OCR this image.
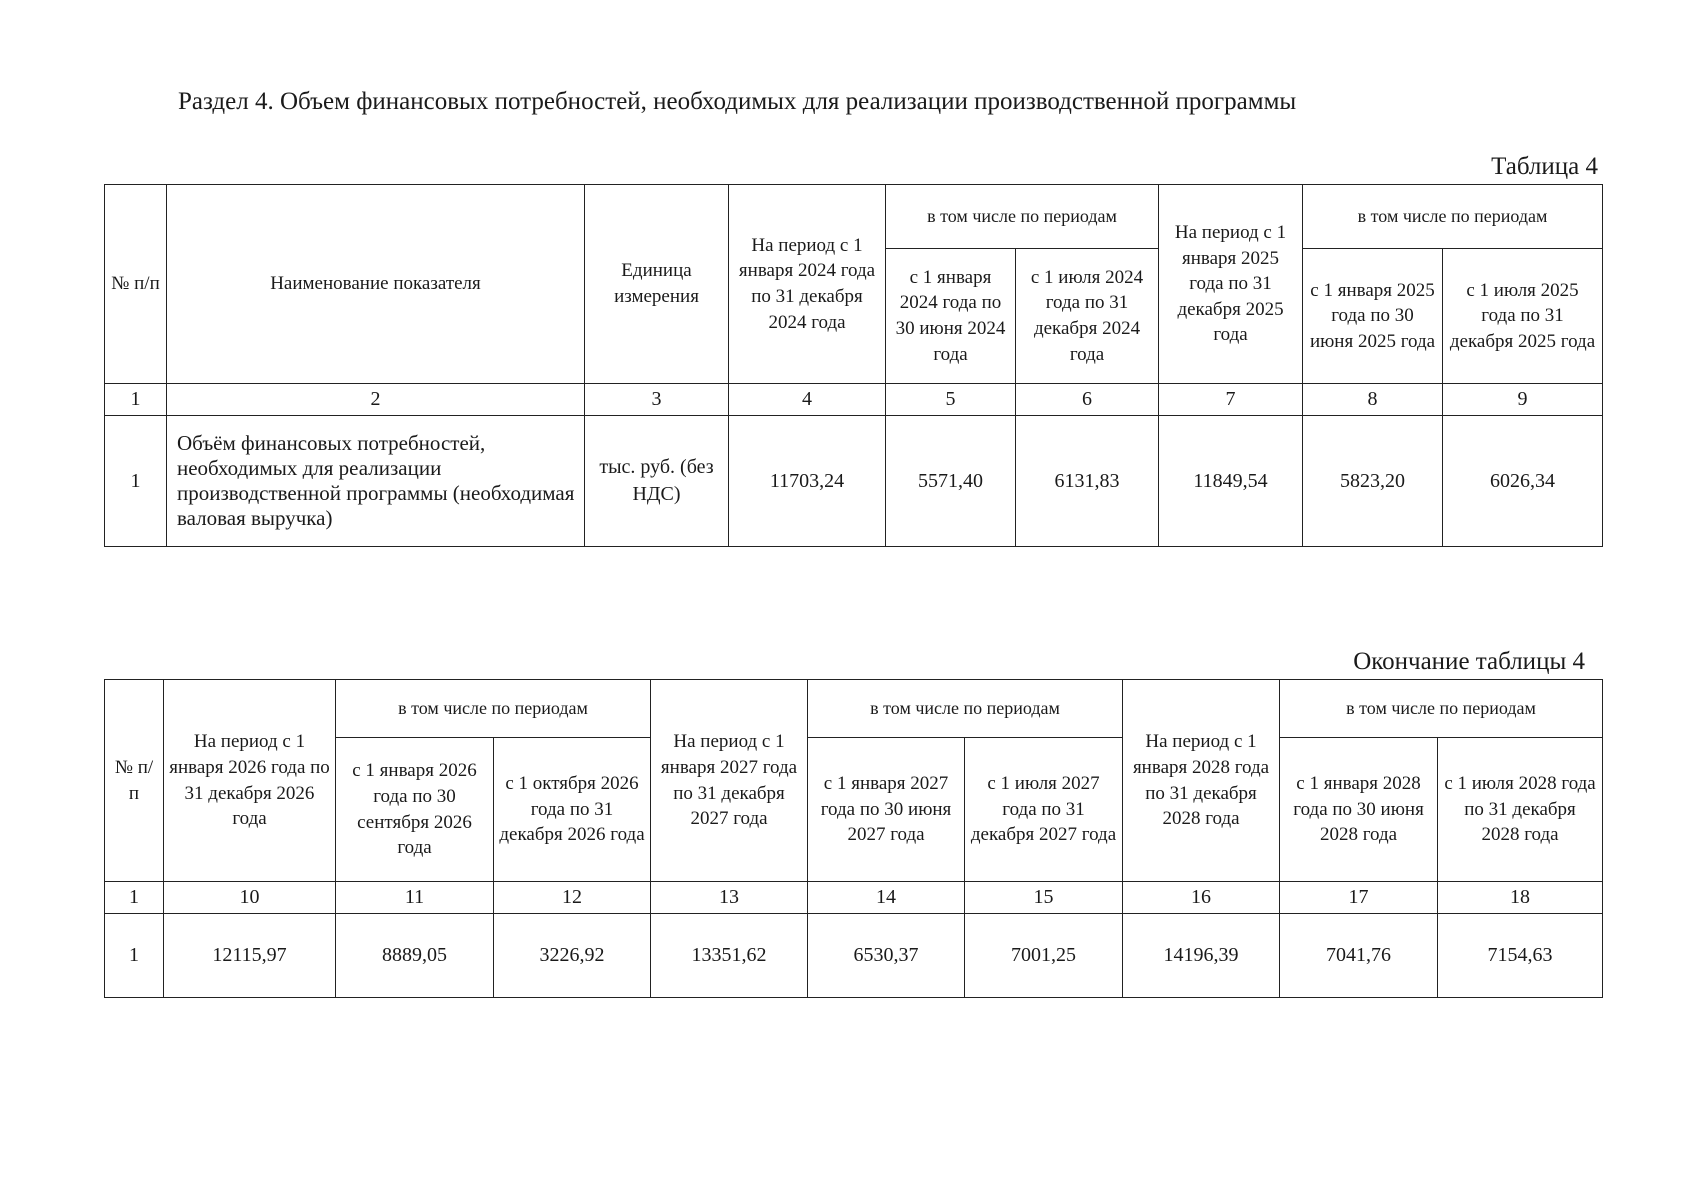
Раздел 4. Объем финансовых потребностей, необходимых для реализации производственной программы
Таблица 4
№ п/п	Наименование показателя	Единица измерения	На период с 1 января 2024 года по 31 декабря 2024 года	в том числе по периодам		На период с 1 января 2025 года по 31 декабря 2025 года	в том числе по периодам	
				с 1 января 2024 года по 30 июня 2024 года	с 1 июля 2024 года по 31 декабря 2024 года		с 1 января 2025 года по 30 июня 2025 года	с 1 июля 2025 года по 31 декабря 2025 года
1	2	3	4	5	6	7	8	9
1	Объём финансовых потребностей, необходимых для реализации производственной программы (необходимая валовая выручка)	тыс. руб. (без НДС)	11703,24	5571,40	6131,83	11849,54	5823,20	6026,34
Окончание таблицы 4
№ п/п	На период с 1 января 2026 года по 31 декабря 2026 года	в том числе по периодам		На период с 1 января 2027 года по 31 декабря 2027 года	в том числе по периодам		На период с 1 января 2028 года по 31 декабря 2028 года	в том числе по периодам	
		с 1 января 2026 года по 30 сентября 2026 года	с 1 октября 2026 года по 31 декабря 2026 года		с 1 января 2027 года по 30 июня 2027 года	с 1 июля 2027 года по 31 декабря 2027 года		с 1 января 2028 года по 30 июня 2028 года	с 1 июля 2028 года по 31 декабря 2028 года
1	10	11	12	13	14	15	16	17	18
1	12115,97	8889,05	3226,92	13351,62	6530,37	7001,25	14196,39	7041,76	7154,63
